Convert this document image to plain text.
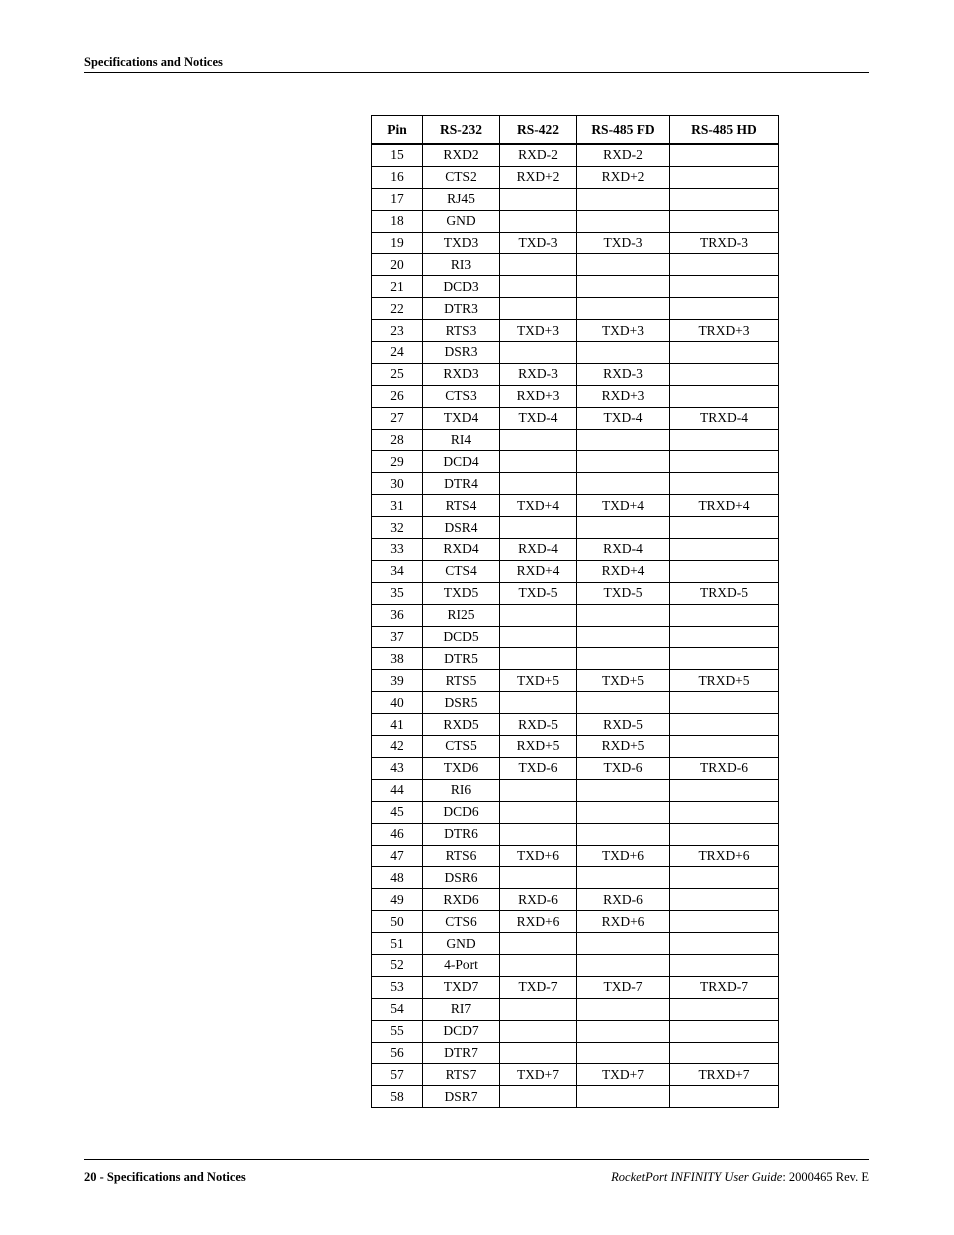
Specifications and Notices
Pin	RS-232	RS-422	RS-485 FD	RS-485 HD
15	RXD2	RXD-2	RXD-2	
16	CTS2	RXD+2	RXD+2	
17	RJ45			
18	GND			
19	TXD3	TXD-3	TXD-3	TRXD-3
20	RI3			
21	DCD3			
22	DTR3			
23	RTS3	TXD+3	TXD+3	TRXD+3
24	DSR3			
25	RXD3	RXD-3	RXD-3	
26	CTS3	RXD+3	RXD+3	
27	TXD4	TXD-4	TXD-4	TRXD-4
28	RI4			
29	DCD4			
30	DTR4			
31	RTS4	TXD+4	TXD+4	TRXD+4
32	DSR4			
33	RXD4	RXD-4	RXD-4	
34	CTS4	RXD+4	RXD+4	
35	TXD5	TXD-5	TXD-5	TRXD-5
36	RI25			
37	DCD5			
38	DTR5			
39	RTS5	TXD+5	TXD+5	TRXD+5
40	DSR5			
41	RXD5	RXD-5	RXD-5	
42	CTS5	RXD+5	RXD+5	
43	TXD6	TXD-6	TXD-6	TRXD-6
44	RI6			
45	DCD6			
46	DTR6			
47	RTS6	TXD+6	TXD+6	TRXD+6
48	DSR6			
49	RXD6	RXD-6	RXD-6	
50	CTS6	RXD+6	RXD+6	
51	GND			
52	4-Port			
53	TXD7	TXD-7	TXD-7	TRXD-7
54	RI7			
55	DCD7			
56	DTR7			
57	RTS7	TXD+7	TXD+7	TRXD+7
58	DSR7			
20 - Specifications and Notices	RocketPort INFINITY User Guide: 2000465 Rev. E
